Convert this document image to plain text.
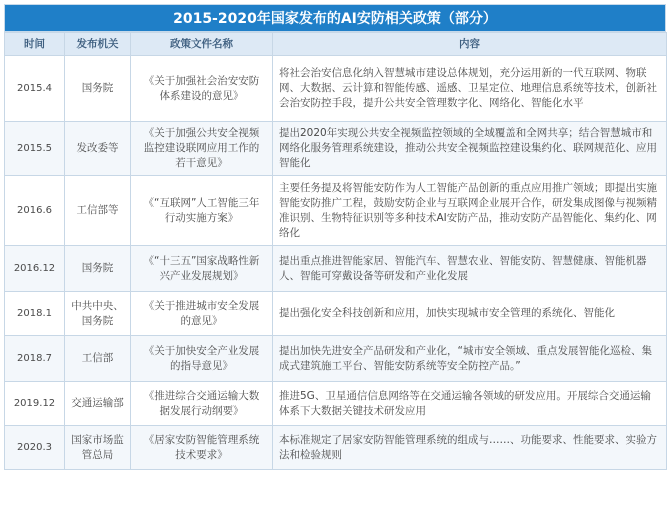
2015-2020年国家发布的AI安防相关政策（部分）
时间	发布机关	政策文件名称	内容
2015.4	国务院	《关于加强社会治安安防体系建设的意见》	将社会治安信息化纳入智慧城市建设总体规划，充分运用新的一代互联网、物联网、大数据、云计算和智能传感、遥感、卫星定位、地理信息系统等技术，创新社会治安防控手段，提升公共安全管理数字化、网络化、智能化水平
2015.5	发改委等	《关于加强公共安全视频监控建设联网应用工作的若干意见》	提出2020年实现公共安全视频监控领域的全域覆盖和全网共享；结合智慧城市和网络化服务管理系统建设，推动公共安全视频监控建设集约化、联网规范化、应用智能化
2016.6	工信部等	《“互联网”人工智能三年行动实施方案》	主要任务提及将智能安防作为人工智能产品创新的重点应用推广领域；即提出实施智能安防推广工程，鼓励安防企业与互联网企业展开合作，研发集成图像与视频精准识别、生物特征识别等多种技术AI安防产品，推动安防产品智能化、集约化、网络化
2016.12	国务院	《“十三五”国家战略性新兴产业发展规划》	提出重点推进智能家居、智能汽车、智慧农业、智能安防、智慧健康、智能机器人、智能可穿戴设备等研发和产业化发展
2018.1	中共中央、国务院	《关于推进城市安全发展的意见》	提出强化安全科技创新和应用，加快实现城市安全管理的系统化、智能化
2018.7	工信部	《关于加快安全产业发展的指导意见》	提出加快先进安全产品研发和产业化，“城市安全领域、重点发展智能化巡检、集成式建筑施工平台、智能安防系统等安全防控产品。”
2019.12	交通运输部	《推进综合交通运输大数据发展行动纲要》	推进5G、卫星通信信息网络等在交通运输各领域的研发应用。开展综合交通运输体系下大数据关键技术研发应用
2020.3	国家市场监管总局	《居家安防智能管理系统技术要求》	本标准规定了居家安防智能管理系统的组成与……、功能要求、性能要求、实验方法和检验规则
